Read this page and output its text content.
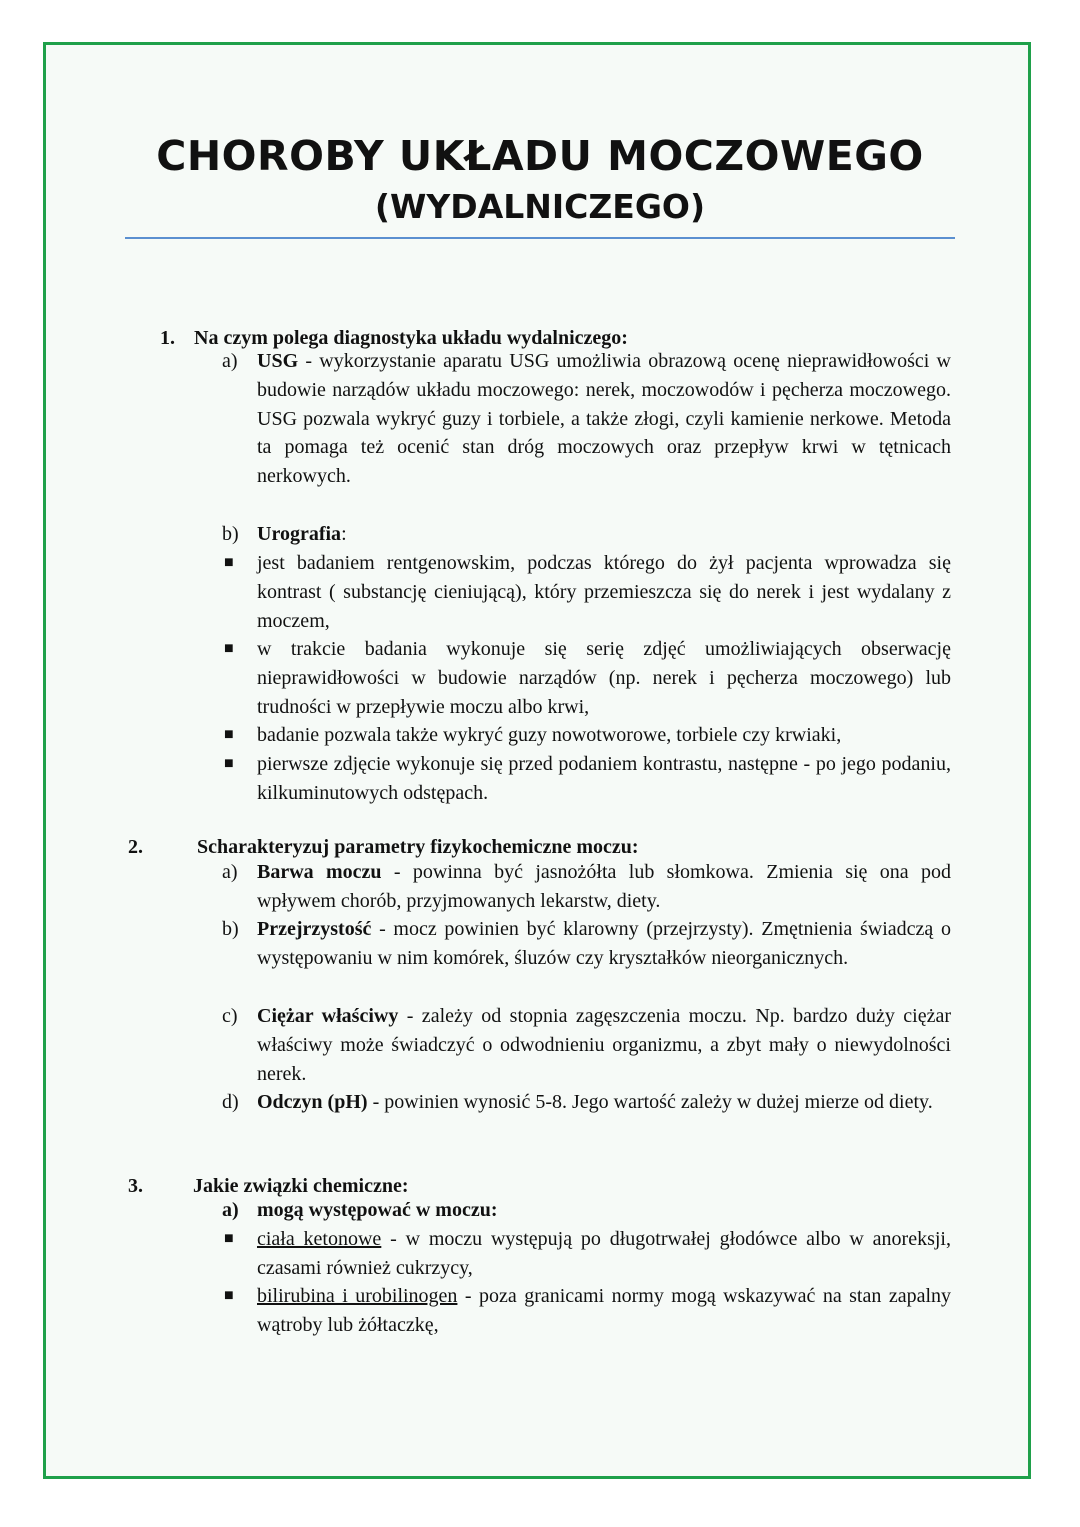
CHOROBY UKŁADU MOCZOWEGO
(WYDALNICZEGO)
1. Na czym polega diagnostyka układu wydalniczego:
a) USG - wykorzystanie aparatu USG umożliwia obrazową ocenę nieprawidłowości w budowie narządów układu moczowego: nerek, moczowodów i pęcherza moczowego. USG pozwala wykryć guzy i torbiele, a także złogi, czyli kamienie nerkowe. Metoda ta pomaga też ocenić stan dróg moczowych oraz przepływ krwi w tętnicach nerkowych.
b) Urografia:
■ jest badaniem rentgenowskim, podczas którego do żył pacjenta wprowadza się kontrast ( substancję cieniującą), który przemieszcza się do nerek i jest wydalany z moczem,
■ w trakcie badania wykonuje się serię zdjęć umożliwiających obserwację nieprawidłowości w budowie narządów (np. nerek i pęcherza moczowego) lub trudności w przepływie moczu albo krwi,
■ badanie pozwala także wykryć guzy nowotworowe, torbiele czy krwiaki,
■ pierwsze zdjęcie wykonuje się przed podaniem kontrastu, następne - po jego podaniu, kilkuminutowych odstępach.
2.	Scharakteryzuj parametry fizykochemiczne moczu:
a) Barwa moczu - powinna być jasnożółta lub słomkowa. Zmienia się ona pod wpływem chorób, przyjmowanych lekarstw, diety.
b) Przejrzystość - mocz powinien być klarowny (przejrzysty). Zmętnienia świadczą o występowaniu w nim komórek, śluzów czy kryształków nieorganicznych.
c) Ciężar właściwy - zależy od stopnia zagęszczenia moczu. Np. bardzo duży ciężar właściwy może świadczyć o odwodnieniu organizmu, a zbyt mały o niewydolności nerek.
d) Odczyn (pH) - powinien wynosić 5-8. Jego wartość zależy w dużej mierze od diety.
3.	Jakie związki chemiczne:
a) mogą występować w moczu:
■ ciała ketonowe - w moczu występują po długotrwałej głodówce albo w anoreksji, czasami również cukrzycy,
■ bilirubina i urobilinogen - poza granicami normy mogą wskazywać na stan zapalny wątroby lub żółtaczkę,
